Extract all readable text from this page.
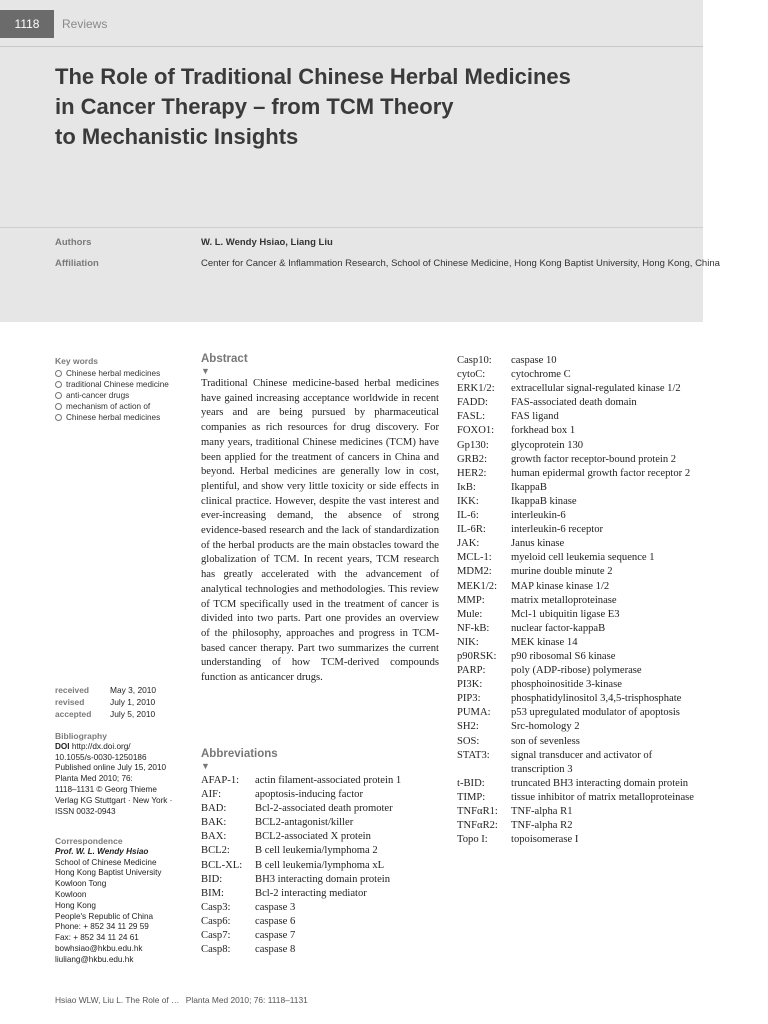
1118	Reviews
The Role of Traditional Chinese Herbal Medicines
in Cancer Therapy – from TCM Theory
to Mechanistic Insights
Authors	W. L. Wendy Hsiao, Liang Liu
Affiliation	Center for Cancer & Inflammation Research, School of Chinese Medicine, Hong Kong Baptist University, Hong Kong, China
Key words
Chinese herbal medicines
traditional Chinese medicine
anti-cancer drugs
mechanism of action of
Chinese herbal medicines
received	May 3, 2010
revised	July 1, 2010
accepted	July 5, 2010
Bibliography
DOI http://dx.doi.org/
10.1055/s-0030-1250186
Published online July 15, 2010
Planta Med 2010; 76:
1118–1131 © Georg Thieme
Verlag KG Stuttgart · New York ·
ISSN 0032-0943
Correspondence
Prof. W. L. Wendy Hsiao
School of Chinese Medicine
Hong Kong Baptist University
Kowloon Tong
Kowloon
Hong Kong
People's Republic of China
Phone: + 852 34 11 29 59
Fax: + 852 34 11 24 61
bowhsiao@hkbu.edu.hk
liuliang@hkbu.edu.hk
Abstract
▼
Traditional Chinese medicine-based herbal medicines have gained increasing acceptance worldwide in recent years and are being pursued by pharmaceutical companies as rich resources for drug discovery. For many years, traditional Chinese medicines (TCM) have been applied for the treatment of cancers in China and beyond. Herbal medicines are generally low in cost, plentiful, and show very little toxicity or side effects in clinical practice. However, despite the vast interest and ever-increasing demand, the absence of strong evidence-based research and the lack of standardization of the herbal products are the main obstacles toward the globalization of TCM. In recent years, TCM research has greatly accelerated with the advancement of analytical technologies and methodologies. This review of TCM specifically used in the treatment of cancer is divided into two parts. Part one provides an overview of the philosophy, approaches and progress in TCM-based cancer therapy. Part two summarizes the current understanding of how TCM-derived compounds function as anticancer drugs.
Abbreviations
▼
AFAP-1:	actin filament-associated protein 1
AIF:	apoptosis-inducing factor
BAD:	Bcl-2-associated death promoter
BAK:	BCL2-antagonist/killer
BAX:	BCL2-associated X protein
BCL2:	B cell leukemia/lymphoma 2
BCL-XL:	B cell leukemia/lymphoma xL
BID:	BH3 interacting domain protein
BIM:	Bcl-2 interacting mediator
Casp3:	caspase 3
Casp6:	caspase 6
Casp7:	caspase 7
Casp8:	caspase 8
Casp10:	caspase 10
cytoC:	cytochrome C
ERK1/2:	extracellular signal-regulated kinase 1/2
FADD:	FAS-associated death domain
FASL:	FAS ligand
FOXO1:	forkhead box 1
Gp130:	glycoprotein 130
GRB2:	growth factor receptor-bound protein 2
HER2:	human epidermal growth factor receptor 2
IκB:	IkappaB
IKK:	IkappaB kinase
IL-6:	interleukin-6
IL-6R:	interleukin-6 receptor
JAK:	Janus kinase
MCL-1:	myeloid cell leukemia sequence 1
MDM2:	murine double minute 2
MEK1/2:	MAP kinase kinase 1/2
MMP:	matrix metalloproteinase
Mule:	Mcl-1 ubiquitin ligase E3
NF-kB:	nuclear factor-kappaB
NIK:	MEK kinase 14
p90RSK:	p90 ribosomal S6 kinase
PARP:	poly (ADP-ribose) polymerase
PI3K:	phosphoinositide 3-kinase
PIP3:	phosphatidylinositol 3,4,5-trisphosphate
PUMA:	p53 upregulated modulator of apoptosis
SH2:	Src-homology 2
SOS:	son of sevenless
STAT3:	signal transducer and activator of transcription 3
t-BID:	truncated BH3 interacting domain protein
TIMP:	tissue inhibitor of matrix metalloproteinase
TNFαR1:	TNF-alpha R1
TNFαR2:	TNF-alpha R2
Topo I:	topoisomerase I
Hsiao WLW, Liu L. The Role of … Planta Med 2010; 76: 1118–1131
